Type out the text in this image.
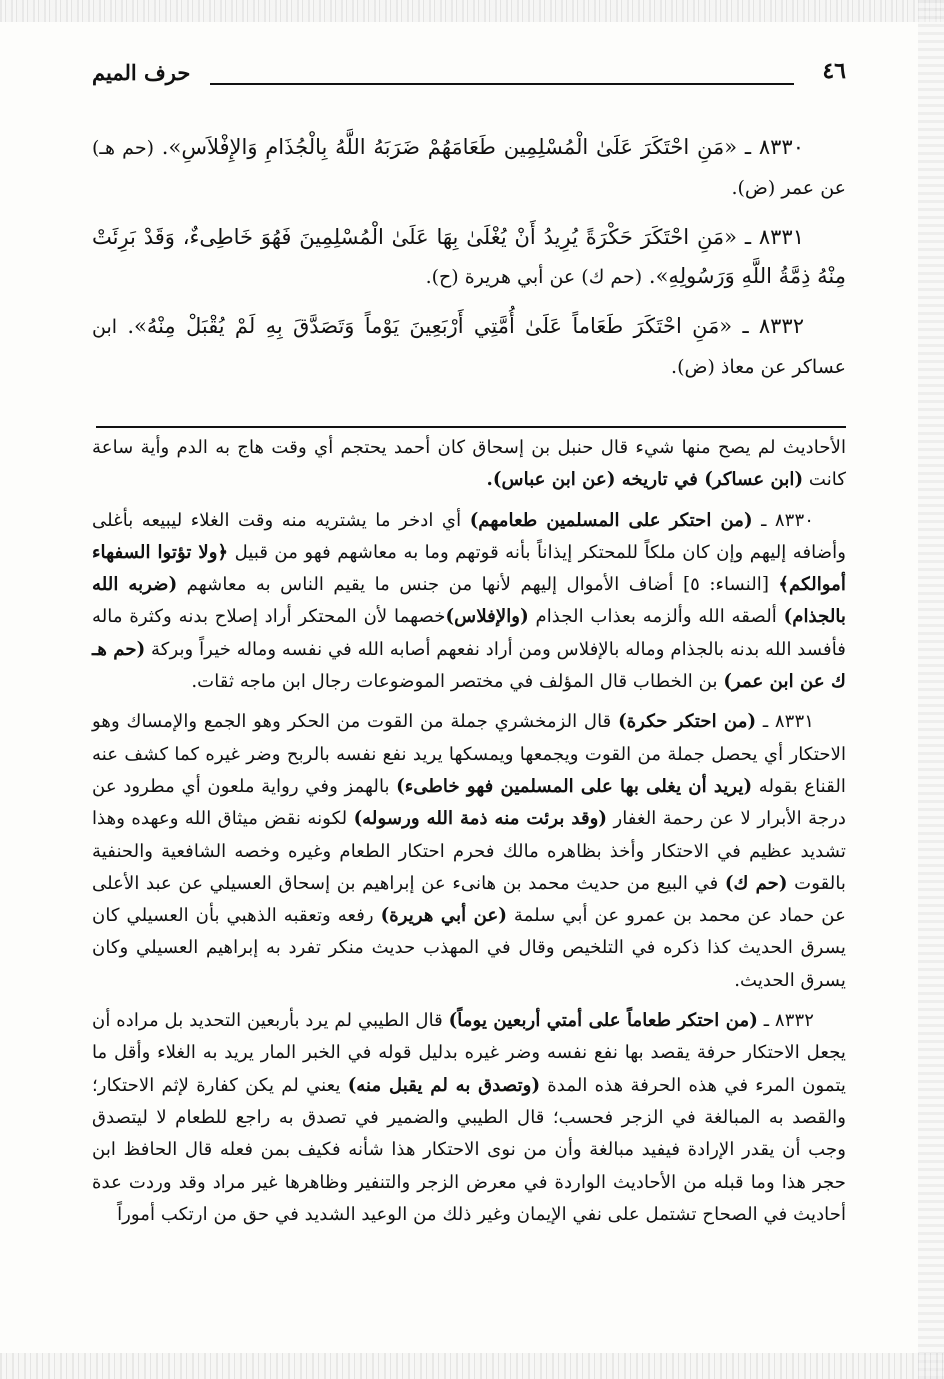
٤٦
حرف الميم

٨٣٣٠ ـ «مَنِ احْتَكَرَ عَلَىٰ الْمُسْلِمِين طَعَامَهُمْ ضَرَبَهُ اللَّهُ بِالْجُذَامِ وَالإِفْلاَسِ». (حم هـ) عن عمر (ض).

٨٣٣١ ـ «مَنِ احْتَكَرَ حَكْرَةً يُرِيدُ أَنْ يُغْلَىٰ بِهَا عَلَىٰ الْمُسْلِمِينَ فَهُوَ خَاطِىءٌ، وَقَدْ بَرِئَتْ مِنْهُ ذِمَّةُ اللَّهِ وَرَسُولِهِ». (حم ك) عن أبي هريرة (ح).

٨٣٣٢ ـ «مَنِ احْتَكَرَ طَعَاماً عَلَىٰ أُمَّتِي أَرْبَعِينَ يَوْماً وَتَصَدَّقَ بِهِ لَمْ يُقْبَلْ مِنْهُ». ابن عساكر عن معاذ (ض).

الأحاديث لم يصح منها شيء قال حنبل بن إسحاق كان أحمد يحتجم أي وقت هاج به الدم وأية ساعة كانت (ابن عساكر) في تاريخه (عن ابن عباس).

٨٣٣٠ ـ (من احتكر على المسلمين طعامهم) أي ادخر ما يشتريه منه وقت الغلاء ليبيعه بأغلى وأضافه إليهم وإن كان ملكاً للمحتكر إيذاناً بأنه قوتهم وما به معاشهم فهو من قبيل ﴿ولا تؤتوا السفهاء أموالكم﴾ [النساء: ٥] أضاف الأموال إليهم لأنها من جنس ما يقيم الناس به معاشهم (ضربه الله بالجذام) ألصقه الله وألزمه بعذاب الجذام (والإفلاس)خصهما لأن المحتكر أراد إصلاح بدنه وكثرة ماله فأفسد الله بدنه بالجذام وماله بالإفلاس ومن أراد نفعهم أصابه الله في نفسه وماله خيراً وبركة (حم هـ ك عن ابن عمر) بن الخطاب قال المؤلف في مختصر الموضوعات رجال ابن ماجه ثقات.

٨٣٣١ ـ (من احتكر حكرة) قال الزمخشري جملة من القوت من الحكر وهو الجمع والإمساك وهو الاحتكار أي يحصل جملة من القوت ويجمعها ويمسكها يريد نفع نفسه بالربح وضر غيره كما كشف عنه القناع بقوله (يريد أن يغلى بها على المسلمين فهو خاطىء) بالهمز وفي رواية ملعون أي مطرود عن درجة الأبرار لا عن رحمة الغفار (وقد برئت منه ذمة الله ورسوله) لكونه نقض ميثاق الله وعهده وهذا تشديد عظيم في الاحتكار وأخذ بظاهره مالك فحرم احتكار الطعام وغيره وخصه الشافعية والحنفية بالقوت (حم ك) في البيع من حديث محمد بن هانىء عن إبراهيم بن إسحاق العسيلي عن عبد الأعلى عن حماد عن محمد بن عمرو عن أبي سلمة (عن أبي هريرة) رفعه وتعقبه الذهبي بأن العسيلي كان يسرق الحديث كذا ذكره في التلخيص وقال في المهذب حديث منكر تفرد به إبراهيم العسيلي وكان يسرق الحديث.

٨٣٣٢ ـ (من احتكر طعاماً على أمتي أربعين يوماً) قال الطيبي لم يرد بأربعين التحديد بل مراده أن يجعل الاحتكار حرفة يقصد بها نفع نفسه وضر غيره بدليل قوله في الخبر المار يريد به الغلاء وأقل ما يتمون المرء في هذه الحرفة هذه المدة (وتصدق به لم يقبل منه) يعني لم يكن كفارة لإثم الاحتكار؛ والقصد به المبالغة في الزجر فحسب؛ قال الطيبي والضمير في تصدق به راجع للطعام لا ليتصدق وجب أن يقدر الإرادة فيفيد مبالغة وأن من نوى الاحتكار هذا شأنه فكيف بمن فعله قال الحافظ ابن حجر هذا وما قبله من الأحاديث الواردة في معرض الزجر والتنفير وظاهرها غير مراد وقد وردت عدة أحاديث في الصحاح تشتمل على نفي الإيمان وغير ذلك من الوعيد الشديد في حق من ارتكب أموراً
